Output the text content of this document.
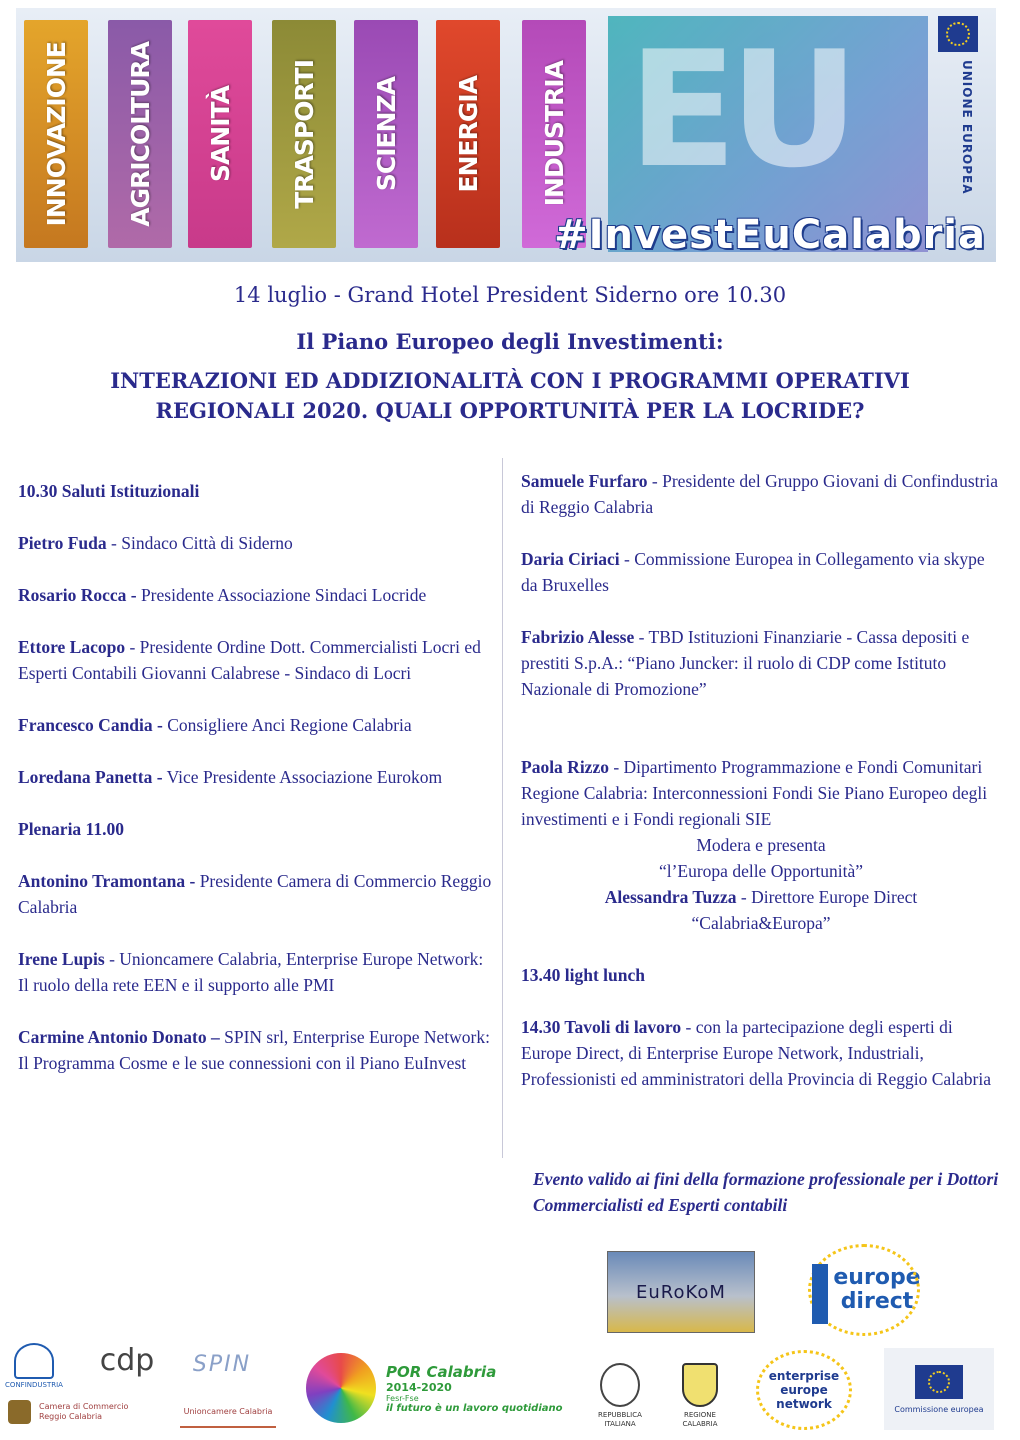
INNOVAZIONE AGRICOLTURA SANITÀ TRASPORTI SCIENZA ENERGIA INDUSTRIA EU	UNIONE EUROPEA
#InvestEuCalabria
14 luglio - Grand Hotel President Siderno ore 10.30
Il Piano Europeo degli Investimenti:
INTERAZIONI ED ADDIZIONALITÀ CON I PROGRAMMI OPERATIVI REGIONALI 2020. QUALI OPPORTUNITÀ PER LA LOCRIDE?
10.30 Saluti Istituzionali
Pietro Fuda - Sindaco Città di Siderno
Rosario Rocca - Presidente Associazione Sindaci Locride
Ettore Lacopo - Presidente Ordine Dott. Commercialisti Locri ed Esperti Contabili Giovanni Calabrese - Sindaco di Locri
Francesco Candia - Consigliere Anci Regione Calabria
Loredana Panetta - Vice Presidente Associazione Eurokom
Plenaria 11.00
Antonino Tramontana - Presidente Camera di Commercio Reggio Calabria
Irene Lupis - Unioncamere Calabria, Enterprise Europe Network: Il ruolo della rete EEN e il supporto alle PMI
Carmine Antonio Donato – SPIN srl, Enterprise Europe Network: Il Programma Cosme e le sue connessioni con il Piano EuInvest
Samuele Furfaro - Presidente del Gruppo Giovani di Confindustria di Reggio Calabria
Daria Ciriaci - Commissione Europea in Collegamento via skype da Bruxelles
Fabrizio Alesse - TBD Istituzioni Finanziarie - Cassa depositi e prestiti S.p.A.: “Piano Juncker: il ruolo di CDP come Istituto Nazionale di Promozione”
Paola Rizzo - Dipartimento Programmazione e Fondi Comunitari Regione Calabria: Interconnessioni Fondi Sie Piano Europeo degli investimenti e i Fondi regionali SIE
Modera e presenta
“l’Europa delle Opportunità”
Alessandra Tuzza - Direttore Europe Direct
“Calabria&Europa”
13.40 light lunch
14.30 Tavoli di lavoro - con la partecipazione degli esperti di Europe Direct, di Enterprise Europe Network, Industriali, Professionisti ed amministratori della Provincia di Reggio Calabria
Evento valido ai fini della formazione professionale per i Dottori Commercialisti ed Esperti contabili
EuRoKoM
europe
direct
CONFINDUSTRIA
cdp SPIN
Camera di Commercio Reggio Calabria
Unioncamere Calabria
POR Calabria
2014-2020
Fesr-Fse
il futuro è un lavoro quotidiano
REPUBBLICA ITALIANA
REGIONE CALABRIA
enterprise europe network	Commissione europea
